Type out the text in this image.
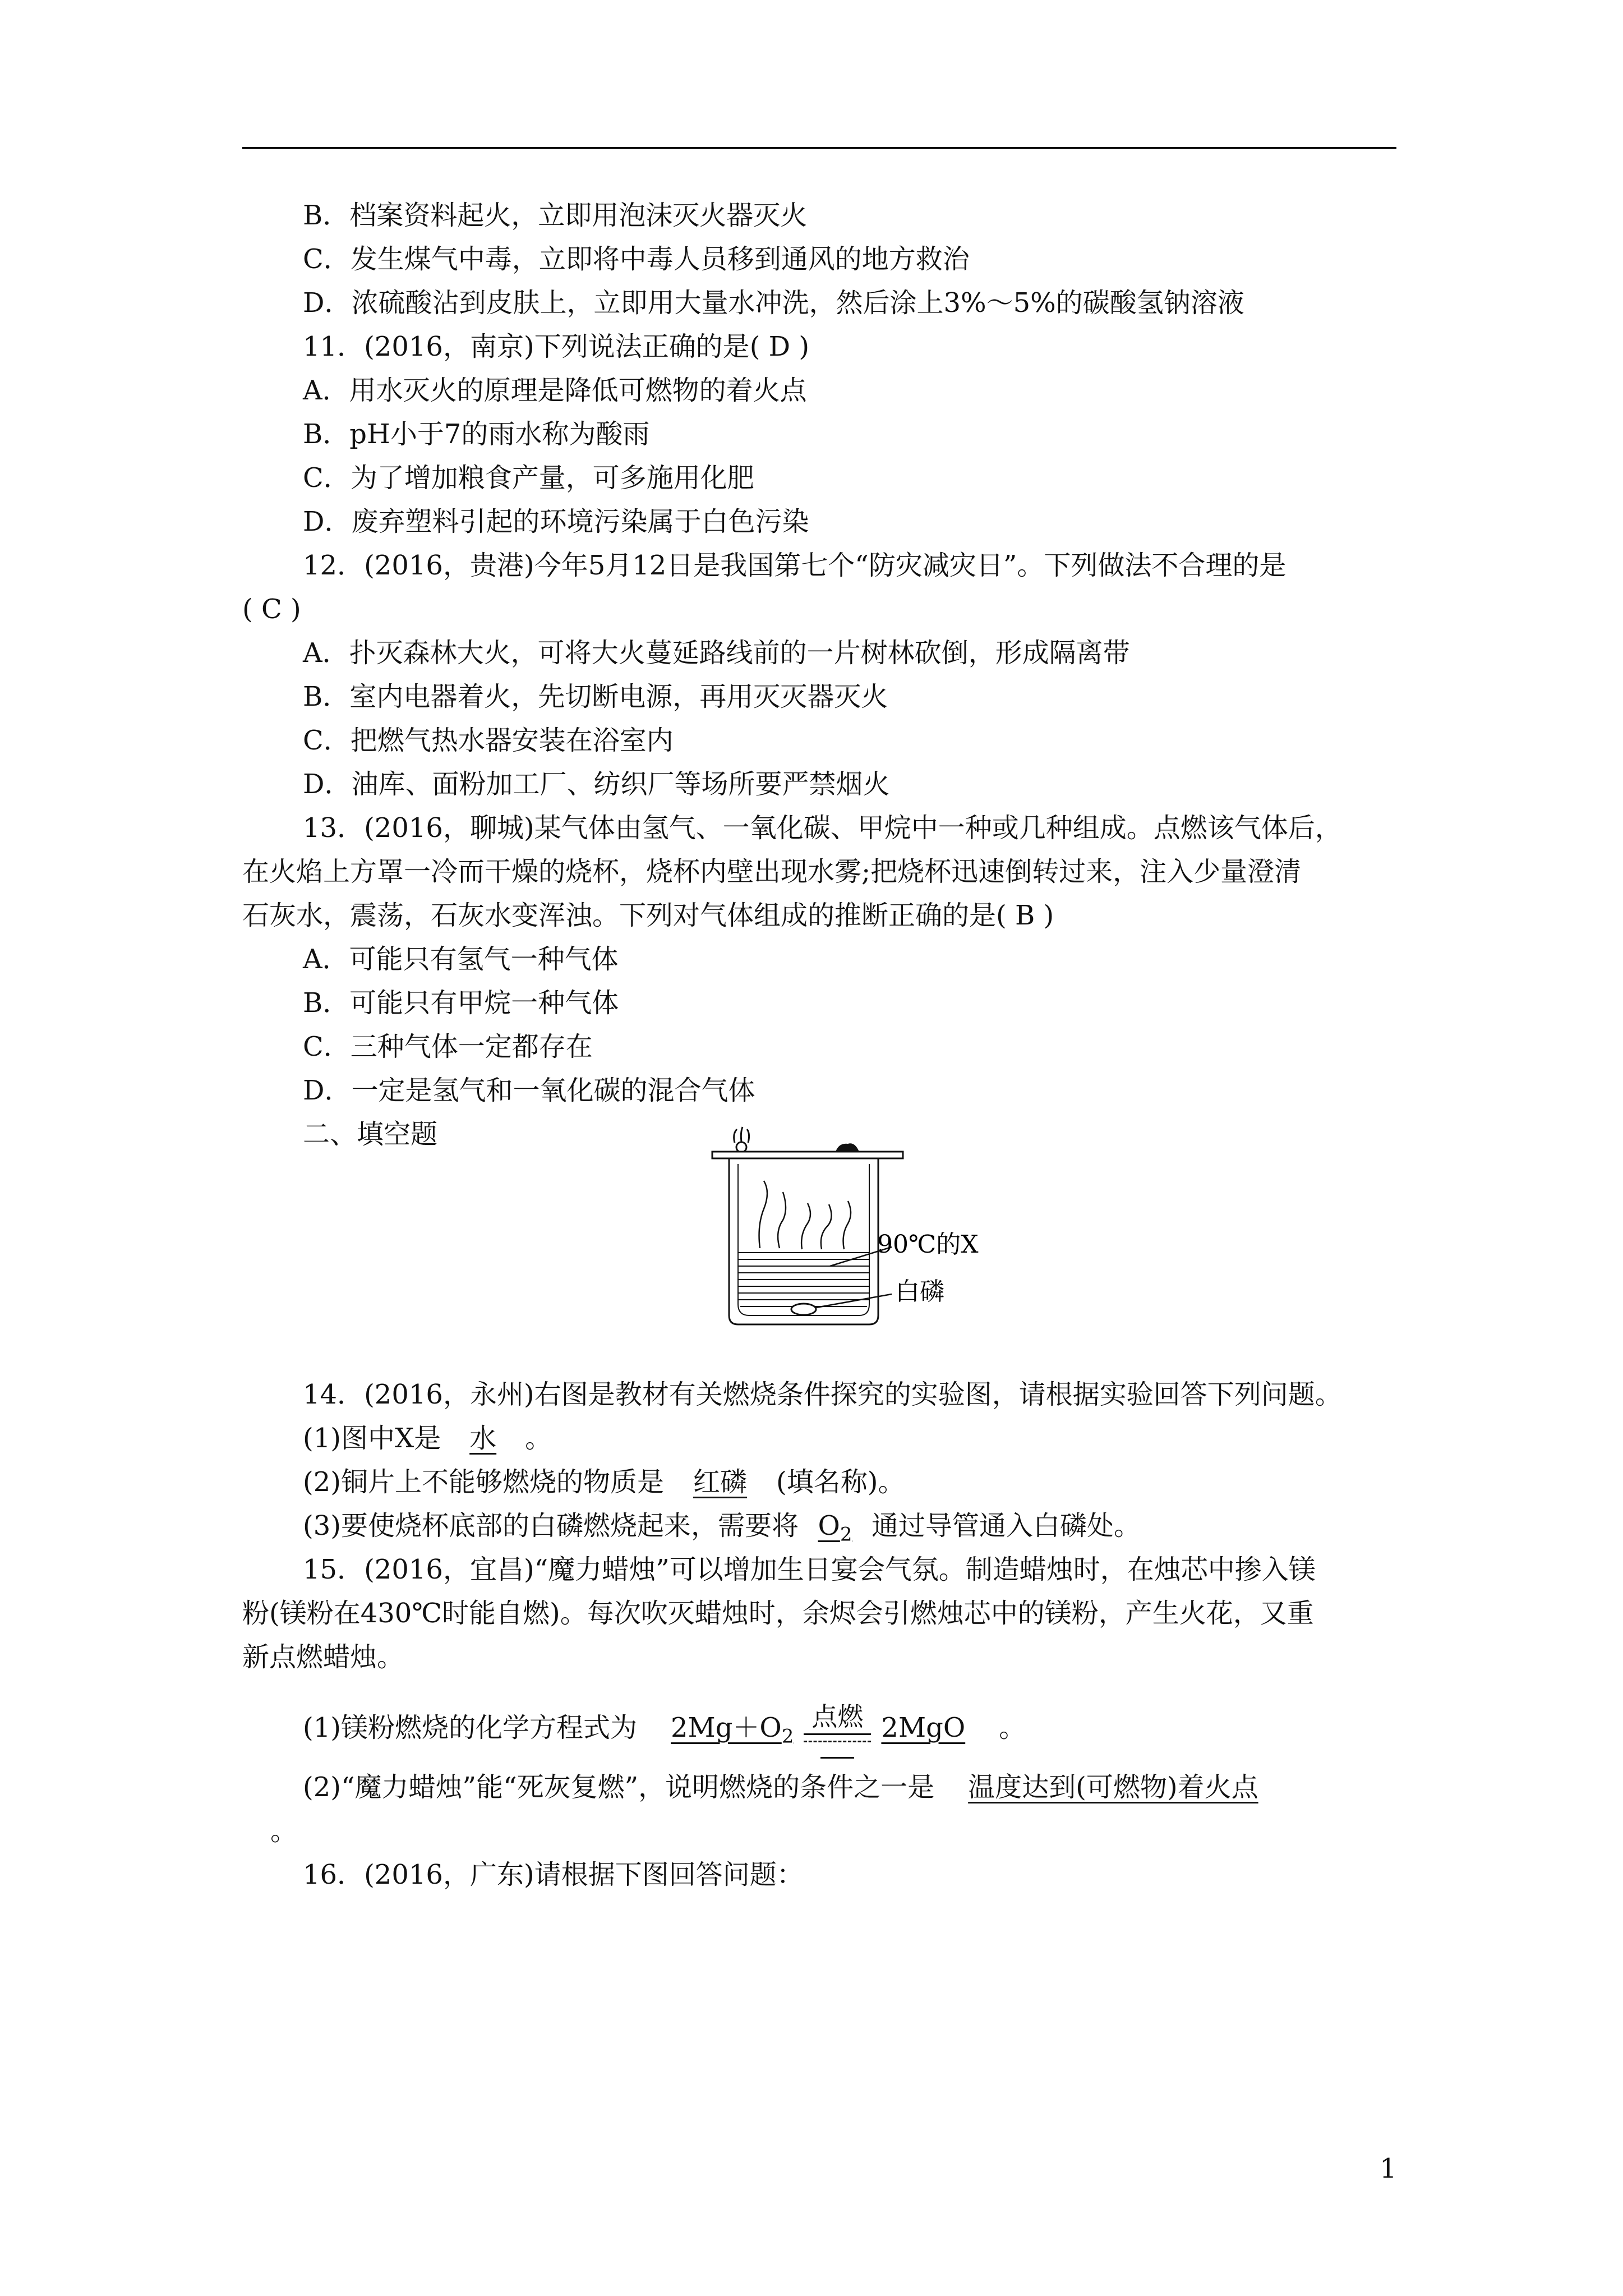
B．档案资料起火，立即用泡沫灭火器灭火
C．发生煤气中毒，立即将中毒人员移到通风的地方救治
D．浓硫酸沾到皮肤上，立即用大量水冲洗，然后涂上3%～5%的碳酸氢钠溶液
11．(2016，南京)下列说法正确的是( D )
A．用水灭火的原理是降低可燃物的着火点
B．pH小于7的雨水称为酸雨
C．为了增加粮食产量，可多施用化肥
D．废弃塑料引起的环境污染属于白色污染
12．(2016，贵港)今年5月12日是我国第七个“防灾减灾日”。下列做法不合理的是
( C )
A．扑灭森林大火，可将大火蔓延路线前的一片树林砍倒，形成隔离带
B．室内电器着火，先切断电源，再用灭灭器灭火
C．把燃气热水器安装在浴室内
D．油库、面粉加工厂、纺织厂等场所要严禁烟火
13．(2016，聊城)某气体由氢气、一氧化碳、甲烷中一种或几种组成。点燃该气体后，
在火焰上方罩一冷而干燥的烧杯，烧杯内壁出现水雾;把烧杯迅速倒转过来，注入少量澄清
石灰水，震荡，石灰水变浑浊。下列对气体组成的推断正确的是( B )
A．可能只有氢气一种气体
B．可能只有甲烷一种气体
C．三种气体一定都存在
D．一定是氢气和一氧化碳的混合气体
二、填空题
90℃的X
白磷
14．(2016，永州)右图是教材有关燃烧条件探究的实验图，请根据实验回答下列问题。
(1)图中X是 水 。
(2)铜片上不能够燃烧的物质是 红磷 (填名称)。
(3)要使烧杯底部的白磷燃烧起来，需要将 $O_2$ 通过导管通入白磷处。
15．(2016，宜昌)“魔力蜡烛”可以增加生日宴会气氛。制造蜡烛时，在烛芯中掺入镁
粉(镁粉在430℃时能自燃)。每次吹灭蜡烛时，余烬会引燃烛芯中的镁粉，产生火花，又重
新点燃蜡烛。
(1)镁粉燃烧的化学方程式为 $2Mg+O_2$
点燃 2MgO 。
(2)“魔力蜡烛”能“死灰复燃”，说明燃烧的条件之一是 温度达到(可燃物)着火点
。
16．(2016，广东)请根据下图回答问题：
1
